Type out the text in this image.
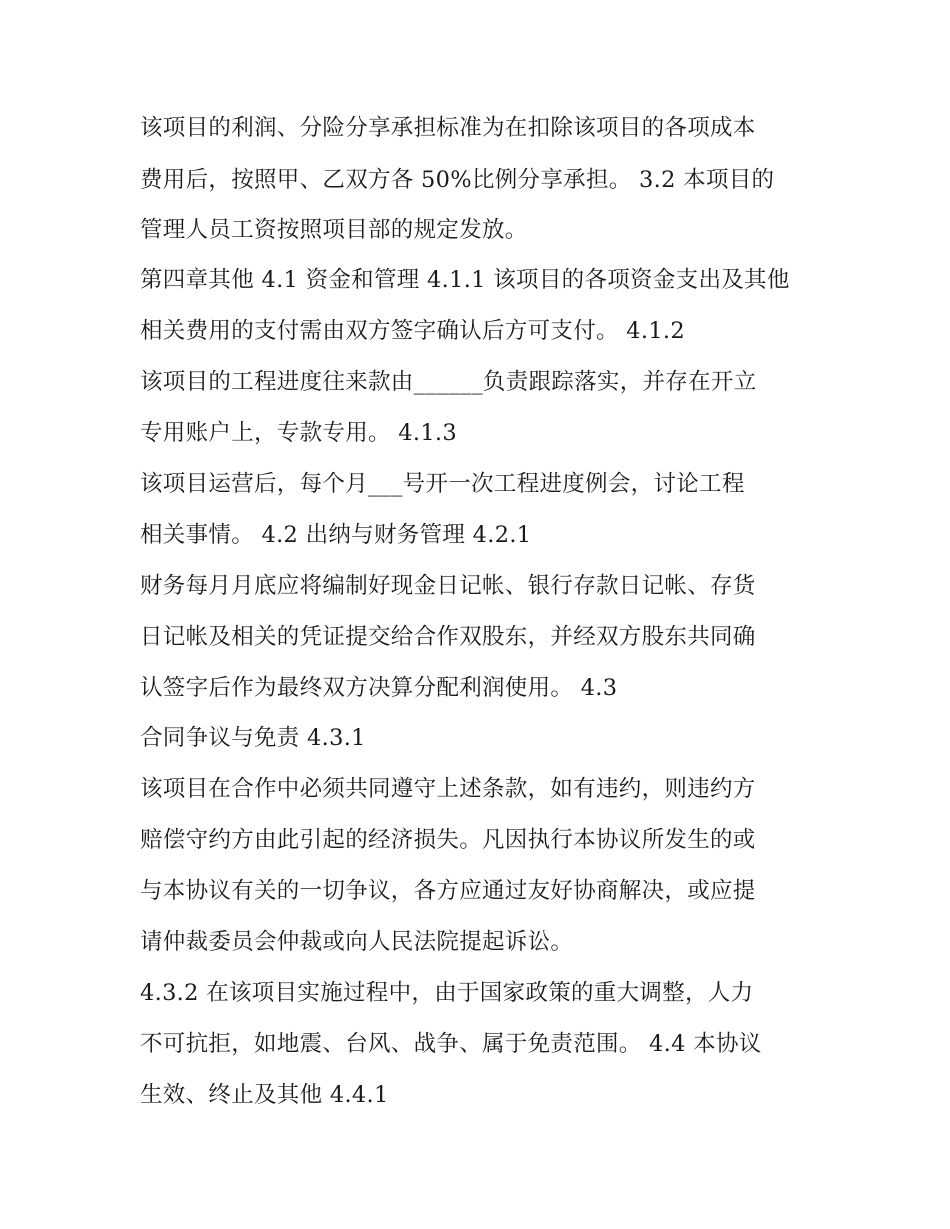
该项目的利润、分险分享承担标准为在扣除该项目的各项成本
费用后，按照甲、乙双方各 50%比例分享承担。 3.2 本项目的
管理人员工资按照项目部的规定发放。
第四章其他 4.1 资金和管理 4.1.1 该项目的各项资金支出及其他
相关费用的支付需由双方签字确认后方可支付。 4.1.2
该项目的工程进度往来款由______负责跟踪落实，并存在开立
专用账户上，专款专用。 4.1.3
该项目运营后，每个月___号开一次工程进度例会，讨论工程
相关事情。 4.2 出纳与财务管理 4.2.1
财务每月月底应将编制好现金日记帐、银行存款日记帐、存货
日记帐及相关的凭证提交给合作双股东，并经双方股东共同确
认签字后作为最终双方决算分配利润使用。 4.3
合同争议与免责 4.3.1
该项目在合作中必须共同遵守上述条款，如有违约，则违约方
赔偿守约方由此引起的经济损失。凡因执行本协议所发生的或
与本协议有关的一切争议，各方应通过友好协商解决，或应提
请仲裁委员会仲裁或向人民法院提起诉讼。
4.3.2 在该项目实施过程中，由于国家政策的重大调整，人力
不可抗拒，如地震、台风、战争、属于免责范围。 4.4 本协议
生效、终止及其他 4.4.1
